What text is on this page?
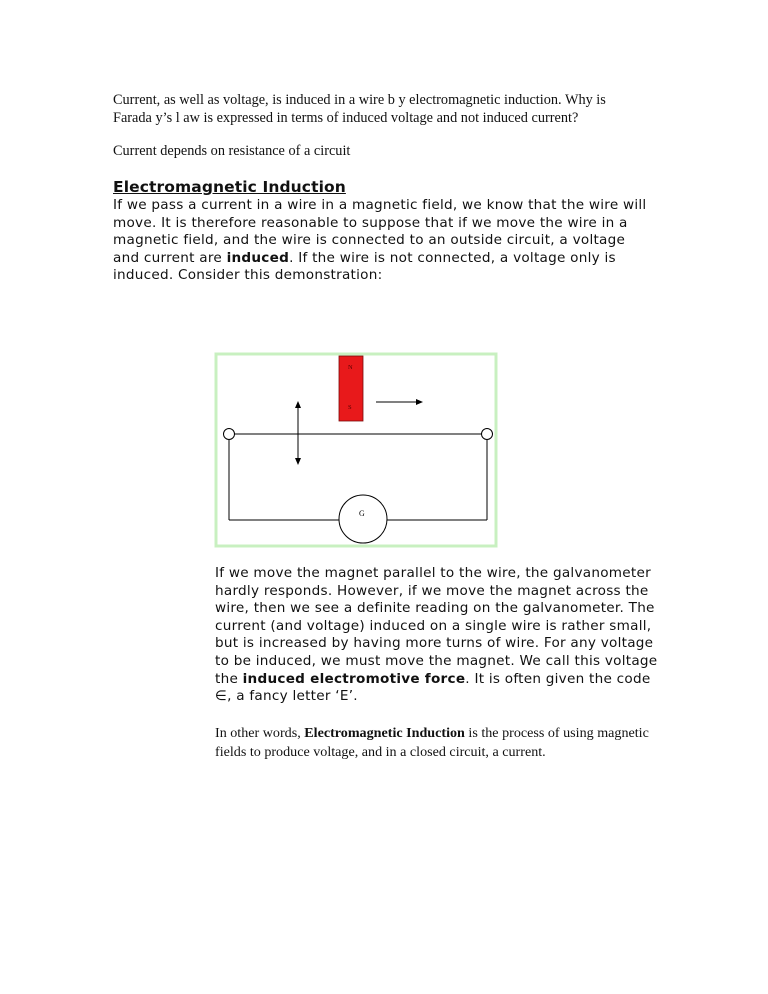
Current, as well as voltage, is induced in a wire b y electromagnetic induction. Why is
Farada y’s l aw is expressed in terms of induced voltage and not induced current?
Current depends on resistance of a circuit
Electromagnetic Induction
If we pass a current in a wire in a magnetic field, we know that the wire will move. It is therefore reasonable to suppose that if we move the wire in a magnetic field, and the wire is connected to an outside circuit, a voltage and current are induced. If the wire is not connected, a voltage only is induced. Consider this demonstration:
N
S
G
If we move the magnet parallel to the wire, the galvanometer hardly responds. However, if we move the magnet across the wire, then we see a definite reading on the galvanometer. The current (and voltage) induced on a single wire is rather small, but is increased by having more turns of wire. For any voltage to be induced, we must move the magnet. We call this voltage the induced electromotive force. It is often given the code ∈, a fancy letter ‘E’.
In other words, Electromagnetic Induction is the process of using magnetic fields to produce voltage, and in a closed circuit, a current.
